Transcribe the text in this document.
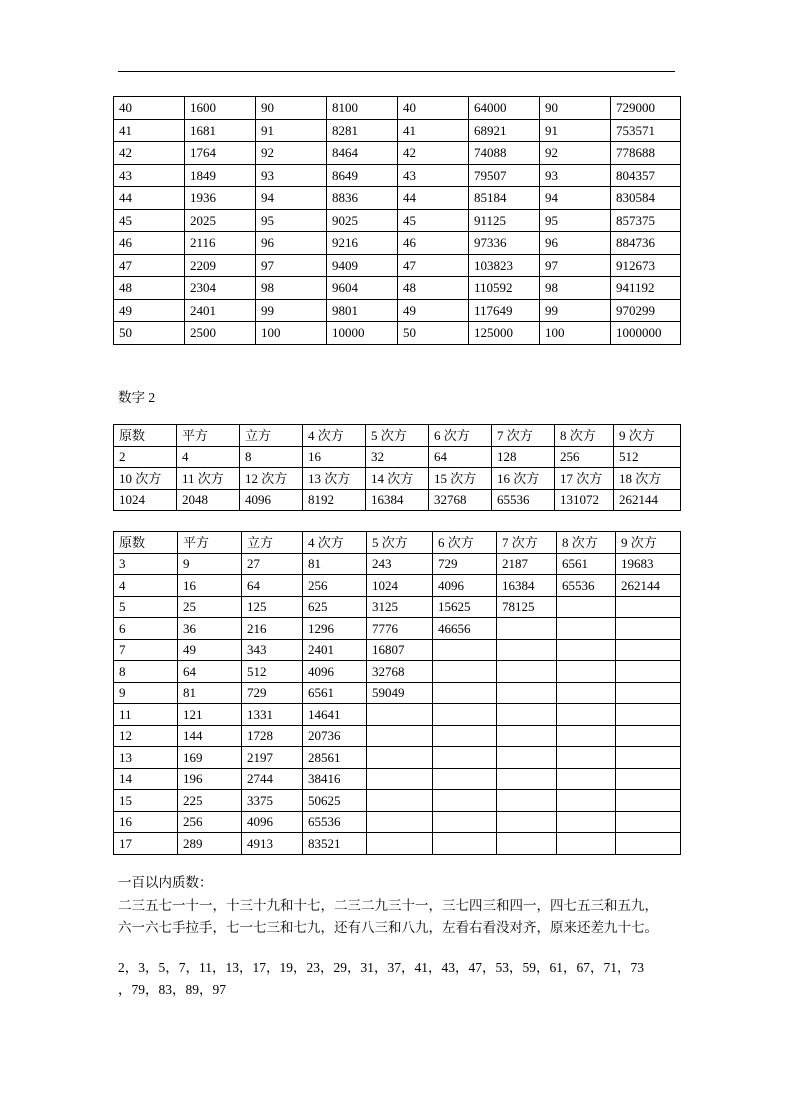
40	1600	90	8100	40	64000	90	729000
41	1681	91	8281	41	68921	91	753571
42	1764	92	8464	42	74088	92	778688
43	1849	93	8649	43	79507	93	804357
44	1936	94	8836	44	85184	94	830584
45	2025	95	9025	45	91125	95	857375
46	2116	96	9216	46	97336	96	884736
47	2209	97	9409	47	103823	97	912673
48	2304	98	9604	48	110592	98	941192
49	2401	99	9801	49	117649	99	970299
50	2500	100	10000	50	125000	100	1000000
数字 2
原数	平方	立方	4 次方	5 次方	6 次方	7 次方	8 次方	9 次方
2	4	8	16	32	64	128	256	512
10 次方	11 次方	12 次方	13 次方	14 次方	15 次方	16 次方	17 次方	18 次方
1024	2048	4096	8192	16384	32768	65536	131072	262144
原数	平方	立方	4 次方	5 次方	6 次方	7 次方	8 次方	9 次方
3	9	27	81	243	729	2187	6561	19683
4	16	64	256	1024	4096	16384	65536	262144
5	25	125	625	3125	15625	78125		
6	36	216	1296	7776	46656			
7	49	343	2401	16807				
8	64	512	4096	32768				
9	81	729	6561	59049				
11	121	1331	14641					
12	144	1728	20736					
13	169	2197	28561					
14	196	2744	38416					
15	225	3375	50625					
16	256	4096	65536					
17	289	4913	83521					
一百以内质数：
二三五七一十一，十三十九和十七，二三二九三十一，三七四三和四一，四七五三和五九，
六一六七手拉手，七一七三和七九，还有八三和八九，左看右看没对齐，原来还差九十七。
2，3，5，7，11，13，17，19，23，29，31，37，41，43，47，53，59，61，67，71，73
，79，83，89，97
